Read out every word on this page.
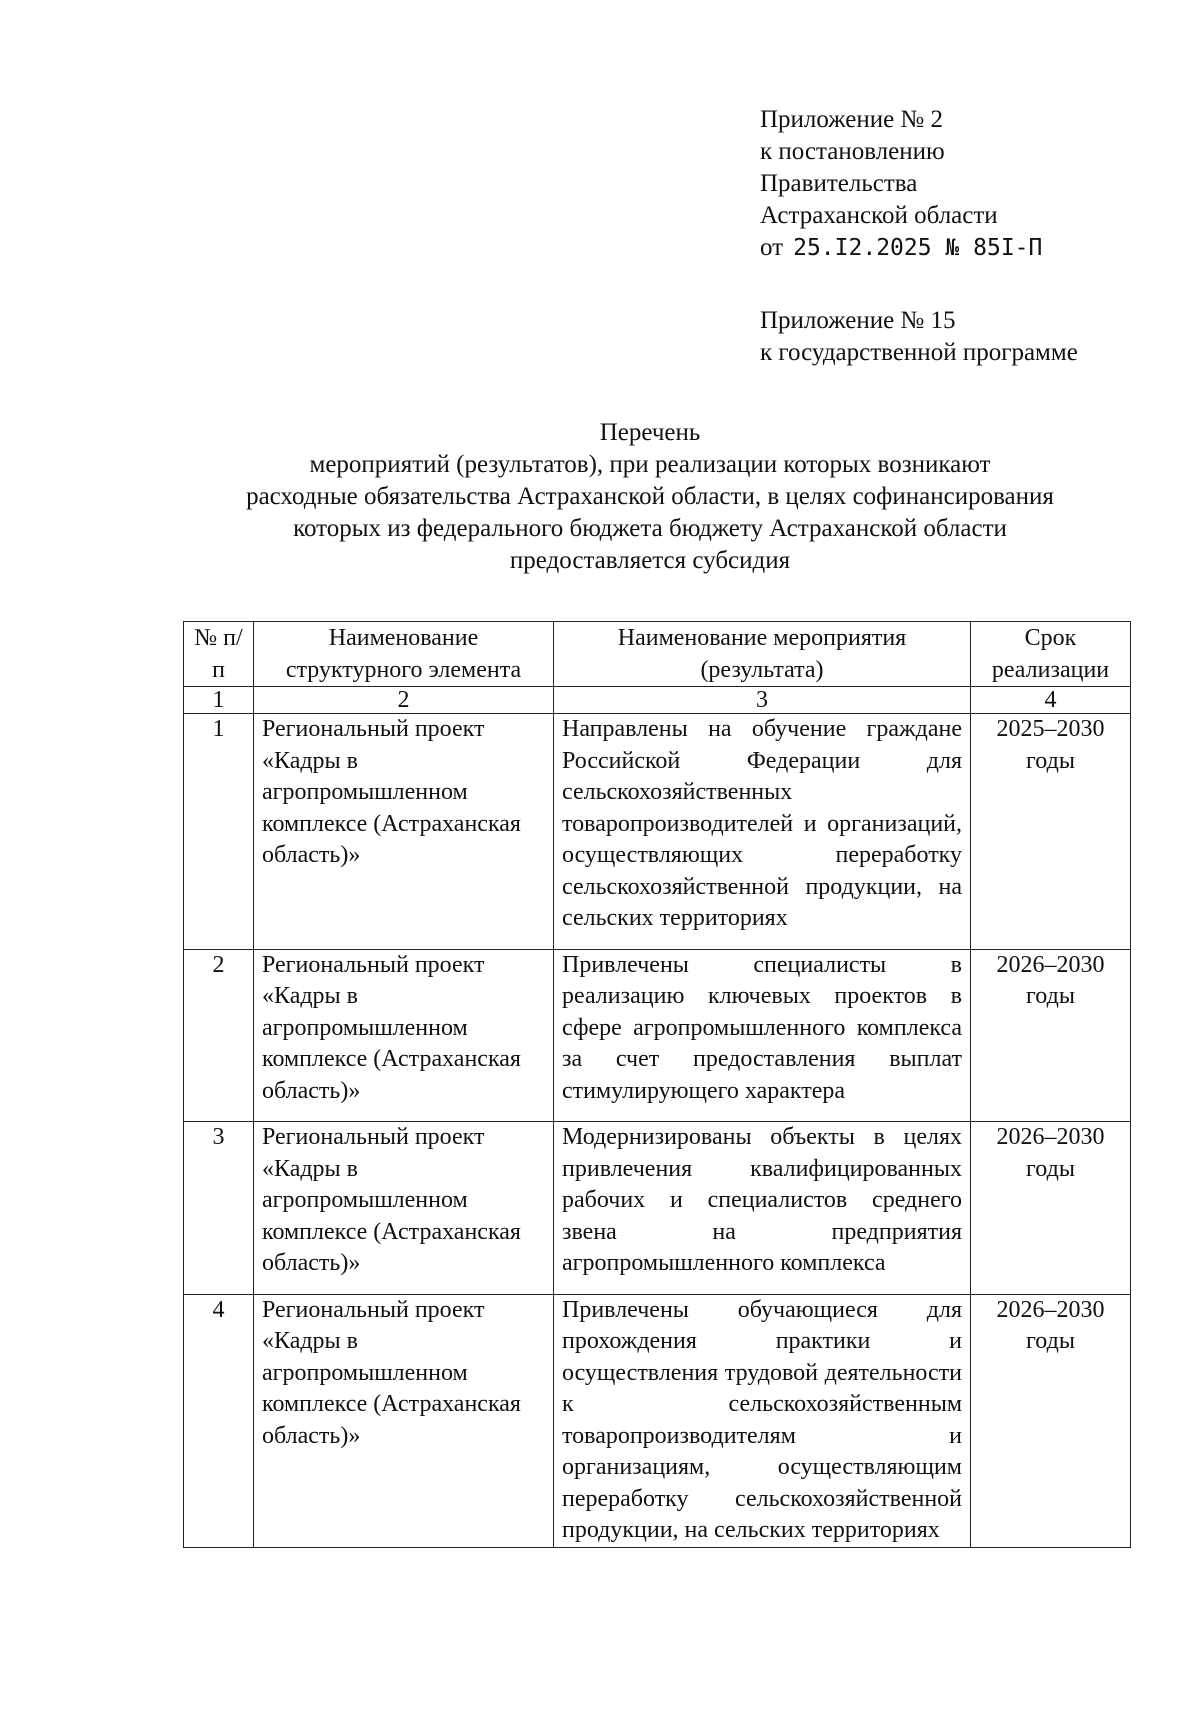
Приложение № 2
к постановлению
Правительства
Астраханской области
от 25.I2.2025 № 85I-П
Приложение № 15
к государственной программе
Перечень
мероприятий (результатов), при реализации которых возникают
расходные обязательства Астраханской области, в целях софинансирования
которых из федерального бюджета бюджету Астраханской области
предоставляется субсидия
№ п/п	Наименование структурного элемента	Наименование мероприятия (результата)	Срок реализации
1	2	3	4
1	Региональный проект «Кадры в агропромышленном комплексе (Астраханская область)»	Направлены на обучение граждане Российской Федерации для сельскохозяйственных товаропроизводителей и организаций, осуществляющих переработку сельскохозяйственной продукции, на сельских территориях	2025–2030 годы
2	Региональный проект «Кадры в агропромышленном комплексе (Астраханская область)»	Привлечены специалисты в реализацию ключевых проектов в сфере агропромышленного комплекса за счет предоставления выплат стимулирующего характера	2026–2030 годы
3	Региональный проект «Кадры в агропромышленном комплексе (Астраханская область)»	Модернизированы объекты в целях привлечения квалифицированных рабочих и специалистов среднего звена на предприятия агропромышленного комплекса	2026–2030 годы
4	Региональный проект «Кадры в агропромышленном комплексе (Астраханская область)»	Привлечены обучающиеся для прохождения практики и осуществления трудовой деятельности к сельскохозяйственным товаропроизводителям и организациям, осуществляющим переработку сельскохозяйственной продукции, на сельских территориях	2026–2030 годы
